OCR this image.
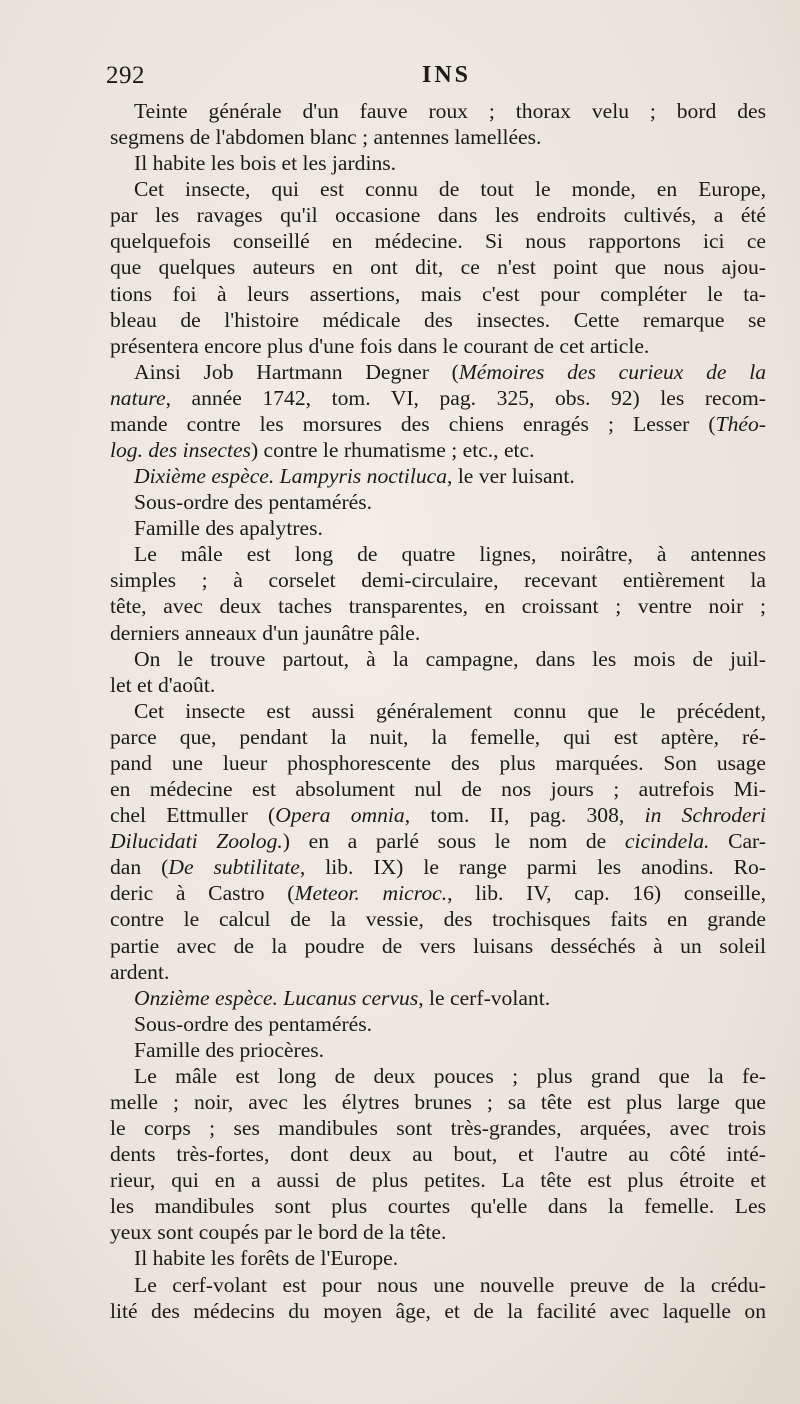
292	INS
Teinte générale d'un fauve roux ; thorax velu ; bord des
segmens de l'abdomen blanc ; antennes lamellées.
Il habite les bois et les jardins.
Cet insecte, qui est connu de tout le monde, en Europe,
par les ravages qu'il occasione dans les endroits cultivés, a été
quelquefois conseillé en médecine. Si nous rapportons ici ce
que quelques auteurs en ont dit, ce n'est point que nous ajou-
tions foi à leurs assertions, mais c'est pour compléter le ta-
bleau de l'histoire médicale des insectes. Cette remarque se
présentera encore plus d'une fois dans le courant de cet article.
Ainsi Job Hartmann Degner (Mémoires des curieux de la
nature, année 1742, tom. VI, pag. 325, obs. 92) les recom-
mande contre les morsures des chiens enragés ; Lesser (Théo-
log. des insectes) contre le rhumatisme ; etc., etc.
Dixième espèce. Lampyris noctiluca, le ver luisant.
Sous-ordre des pentamérés.
Famille des apalytres.
Le mâle est long de quatre lignes, noirâtre, à antennes
simples ; à corselet demi-circulaire, recevant entièrement la
tête, avec deux taches transparentes, en croissant ; ventre noir ;
derniers anneaux d'un jaunâtre pâle.
On le trouve partout, à la campagne, dans les mois de juil-
let et d'août.
Cet insecte est aussi généralement connu que le précédent,
parce que, pendant la nuit, la femelle, qui est aptère, ré-
pand une lueur phosphorescente des plus marquées. Son usage
en médecine est absolument nul de nos jours ; autrefois Mi-
chel Ettmuller (Opera omnia, tom. II, pag. 308, in Schroderi
Dilucidati Zoolog.) en a parlé sous le nom de cicindela. Car-
dan (De subtilitate, lib. IX) le range parmi les anodins. Ro-
deric à Castro (Meteor. microc., lib. IV, cap. 16) conseille,
contre le calcul de la vessie, des trochisques faits en grande
partie avec de la poudre de vers luisans desséchés à un soleil
ardent.
Onzième espèce. Lucanus cervus, le cerf-volant.
Sous-ordre des pentamérés.
Famille des priocères.
Le mâle est long de deux pouces ; plus grand que la fe-
melle ; noir, avec les élytres brunes ; sa tête est plus large que
le corps ; ses mandibules sont très-grandes, arquées, avec trois
dents très-fortes, dont deux au bout, et l'autre au côté inté-
rieur, qui en a aussi de plus petites. La tête est plus étroite et
les mandibules sont plus courtes qu'elle dans la femelle. Les
yeux sont coupés par le bord de la tête.
Il habite les forêts de l'Europe.
Le cerf-volant est pour nous une nouvelle preuve de la crédu-
lité des médecins du moyen âge, et de la facilité avec laquelle on
